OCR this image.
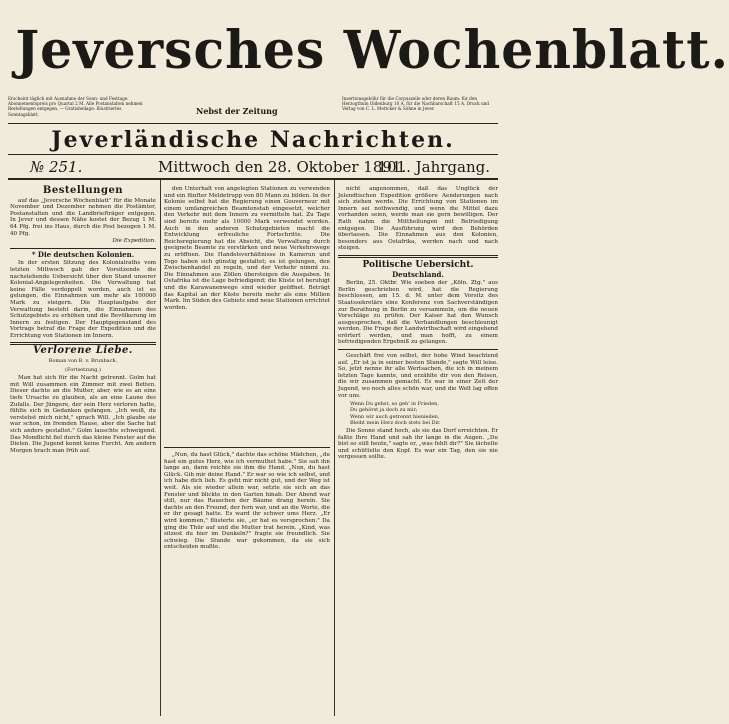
Jeversches Wochenblatt.
Erscheint täglich mit Ausnahme der Sonn- und Festtage. Abonnementspreis pro Quartal 2 M. Alle Postanstalten nehmen Bestellungen entgegen. — Gratisbeilage: Illustriertes Sonntagsblatt.	Nebst der Zeitung
Insertionsgebühr für die Corpuszeile oder deren Raum: für den Herzogthum Oldenburg 10 A, für die Nachbarschaft 15 A. Druck und Verlag von C. L. Mettcker & Söhne in Jever.
Jeverländische Nachrichten.
№ 251.	Mittwoch den 28. Oktober 1891.
101. Jahrgang.
Bestellungen

auf das „Jeversche Wochenblatt" für die Monate November und Dezember nehmen die Postämter, Postanstalten und die Landbriefträger entgegen. In Jever und dessen Nähe kostet der Bezug 1 M. 64 Pfg. frei ins Haus, durch die Post bezogen 1 M. 40 Pfg.

Die Expedition.
* Die deutschen Kolonien.

In der ersten Sitzung des Kolonialraths vom letzten Mittwoch gab der Vorsitzende die nachstehende Uebersicht über den Stand unserer Kolonial-Angelegenheiten. Die Verwaltung hat keine Fälle verdoppelt worden, auch ist es gelungen, die Einnahmen um mehr als 100000 Mark zu steigern. Die Hauptaufgabe der Verwaltung besteht darin, die Einnahmen des Schutzgebiets zu erhöhen und die Bevölkerung im Innern zu festigen. Der Hauptgegenstand des Vortrags betraf die Frage der Expedition und die Errichtung von Stationen im Innern.

Verlorene Liebe.
Roman von B. v. Brunbach.
(Fortsetzung.)

Man hat sich für die Nacht getrennt. Golm hat mit Will zusammen ein Zimmer mit zwei Betten. Dieser dachte an die Mutter, aber, wie es an eine tiefe Ursache zu glauben, als an eine Laune des Zufalls. Der Jüngere, der sein Herz verloren hatte, fühlte sich in Gedanken gefangen. „Ich weiß, du verstehst mich nicht," sprach Will. „Ich glaube sie war schon, im fremden Hause, aber die Sache hat sich anders gestaltet." Golm lauschte schweigend. Das Mondlicht fiel durch das kleine Fenster auf die Dielen. Die Jugend kennt keine Furcht. Am andern Morgen brach man früh auf.

den Unterhalt von angelegten Stationen zu verwenden und ein fünfter Meldetrupp von 80 Mann zu bilden. In der Kolonie selbst hat die Regierung einen Gouverneur mit einem umfangreichen Beamtenstab eingesetzt, welcher den Verkehr mit dem Innern zu vermitteln hat. Zu Tage sind bereits mehr als 10000 Mark verwendet worden. Auch in den anderen Schutzgebieten macht die Entwicklung erfreuliche Fortschritte. Die Reichsregierung hat die Absicht, die Verwaltung durch geeignete Beamte zu verstärken und neue Verkehrswege zu eröffnen. Die Handelsverhältnisse in Kamerun und Togo haben sich günstig gestaltet; es ist gelungen, den Zwischenhandel zu regeln, und der Verkehr nimmt zu. Die Einnahmen aus Zöllen übersteigen die Ausgaben. In Ostafrika ist die Lage befriedigend; die Küste ist beruhigt und die Karawanenwege sind wieder geöffnet. Beträgt das Kapital an der Küste bereits mehr als eine Million Mark. Im Süden des Gebiets sind neue Stationen errichtet worden.

„Nun, du hast Glück," dachte das schöne Mädchen, „du hast ein gutes Herz, wie ich vermuthet habe." Sie sah ihn lange an, dann reichte sie ihm die Hand. „Nun, du hast Glück. Gib mir deine Hand." Er war so wie ich selbst, und ich habe dich lieb. Es geht mir nicht gut, und der Weg ist weit. Als sie wieder allein war, setzte sie sich an das Fenster und blickte in den Garten hinab. Der Abend war still, nur das Rauschen der Bäume drang herein. Sie dachte an den Freund, der fern war, und an die Worte, die er ihr gesagt hatte. Es ward ihr schwer ums Herz. „Er wird kommen," flüsterte sie, „er hat es versprochen." Da ging die Thür auf und die Mutter trat herein. „Kind, was sitzest du hier im Dunkeln?" fragte sie freundlich. Sie schwieg. Die Stunde war gekommen, da sie sich entscheiden mußte.

nicht angenommen, daß das Unglück der Jelendtischen Expedition größere Aenderungen nach sich ziehen werde. Die Errichtung von Stationen im Innern sei nothwendig, und wenn die Mittel dazu vorhanden seien, werde man sie gern bewilligen. Der Rath nahm die Mittheilungen mit Befriedigung entgegen. Die Ausführung wird den Behörden überlassen. Die Einnahmen aus den Kolonien, besonders aus Ostafrika, werden nach und nach steigen.

Politische Uebersicht.
Deutschland.

Berlin, 25. Oktbr. Wie soeben der „Köln. Ztg." aus Berlin geschrieben wird, hat die Regierung beschlossen, am 15. d. M. unter dem Vorsitz des Staatssekretärs eine Konferenz von Sachverständigen zur Berathung in Berlin zu versammeln, um die neuen Vorschläge zu prüfen. Der Kaiser hat den Wunsch ausgesprochen, daß die Verhandlungen beschleunigt werden. Die Frage der Landwirthschaft wird eingehend erörtert werden, und man hofft, zu einem befriedigenden Ergebniß zu gelangen.

Geschäft frei von selbst, der hohe Wind beachtend auf. „Er ist ja in seiner besten Stunde," sagte Will leise. So, jetzt nenne ihr alle Wertsachen, die ich in meinem letzten Tage kannte, und erzählte dir von den Reisen, die wir zusammen gemacht. Es war in einer Zeit der Jugend, wo noch alles schön war, und die Welt lag offen vor uns.

Wenn Du gehst, so geh' in Frieden,
Du gehörst ja doch zu mir;
Wenn wir auch getrennt hienieden,
Bleibt mein Herz doch stets bei Dir.

Die Sonne stand hoch, als sie das Dorf erreichten. Er faßte Ihre Hand und sah ihr lange in die Augen. „Du bist so still heute," sagte er, „was fehlt dir?" Sie lächelte und schüttelte den Kopf. Es war ein Tag, den sie nie vergessen sollte.
